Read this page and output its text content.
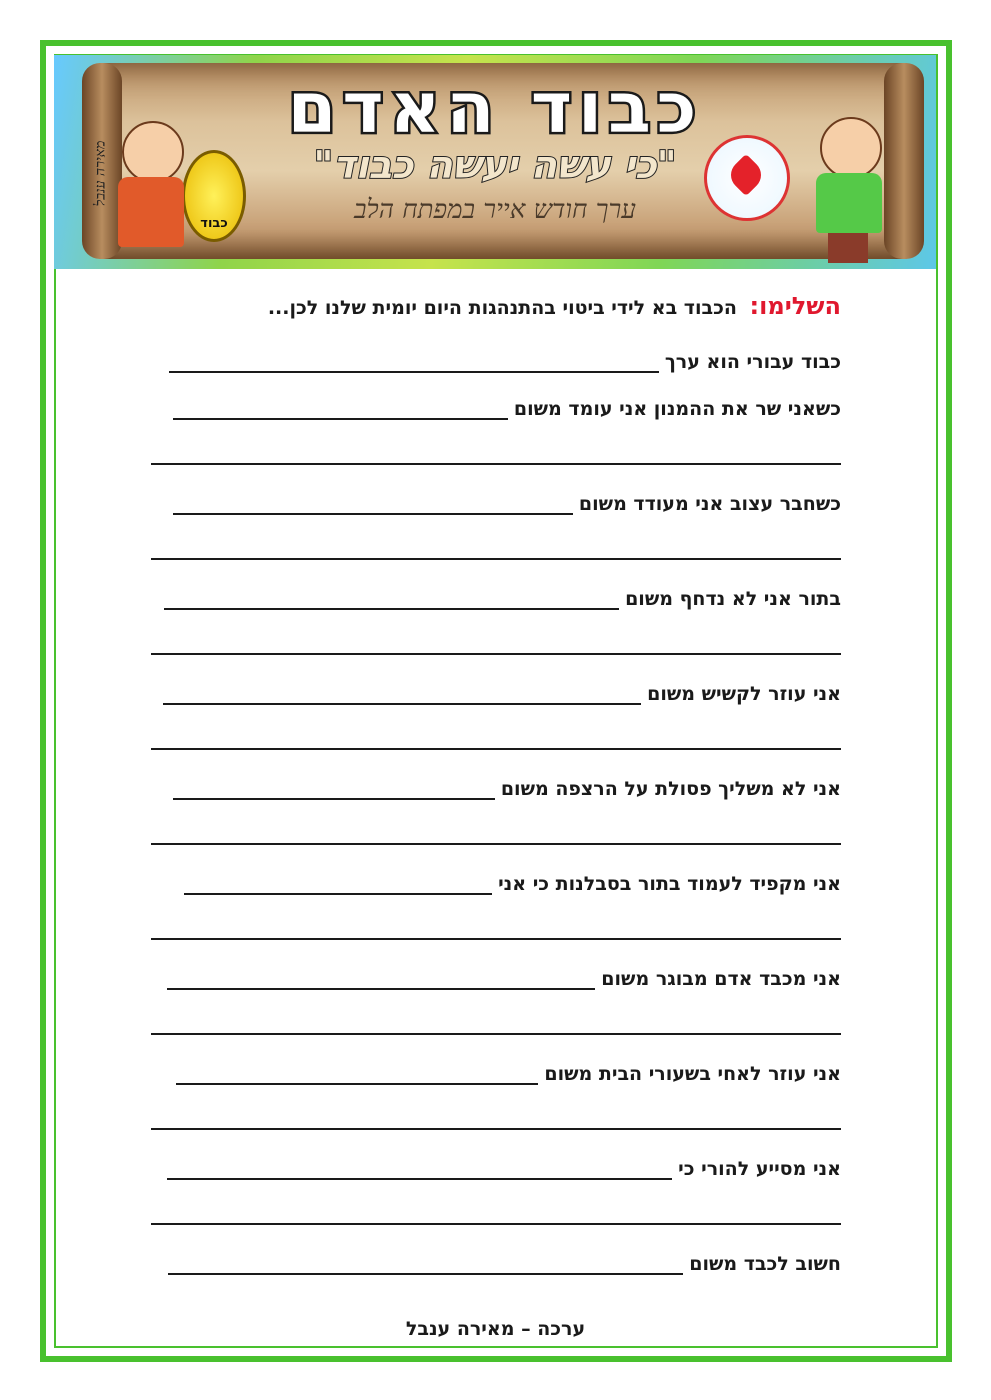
כבוד האדם
"כי עשה יעשה כבוד"
ערך חודש אייר במפתח הלב
כבוד
מאירה ענבל
השלימו: הכבוד בא לידי ביטוי בהתנהגות היום יומית שלנו לכן...
כבוד עבורי הוא ערך
כשאני שר את ההמנון אני עומד משום
כשחבר עצוב אני מעודד משום
בתור אני לא נדחף משום
אני עוזר לקשיש משום
אני לא משליך פסולת על הרצפה משום
אני מקפיד לעמוד בתור בסבלנות כי אני
אני מכבד אדם מבוגר משום
אני עוזר לאחי בשעורי הבית משום
אני מסייע להורי כי
חשוב לכבד משום
ערכה – מאירה ענבל
